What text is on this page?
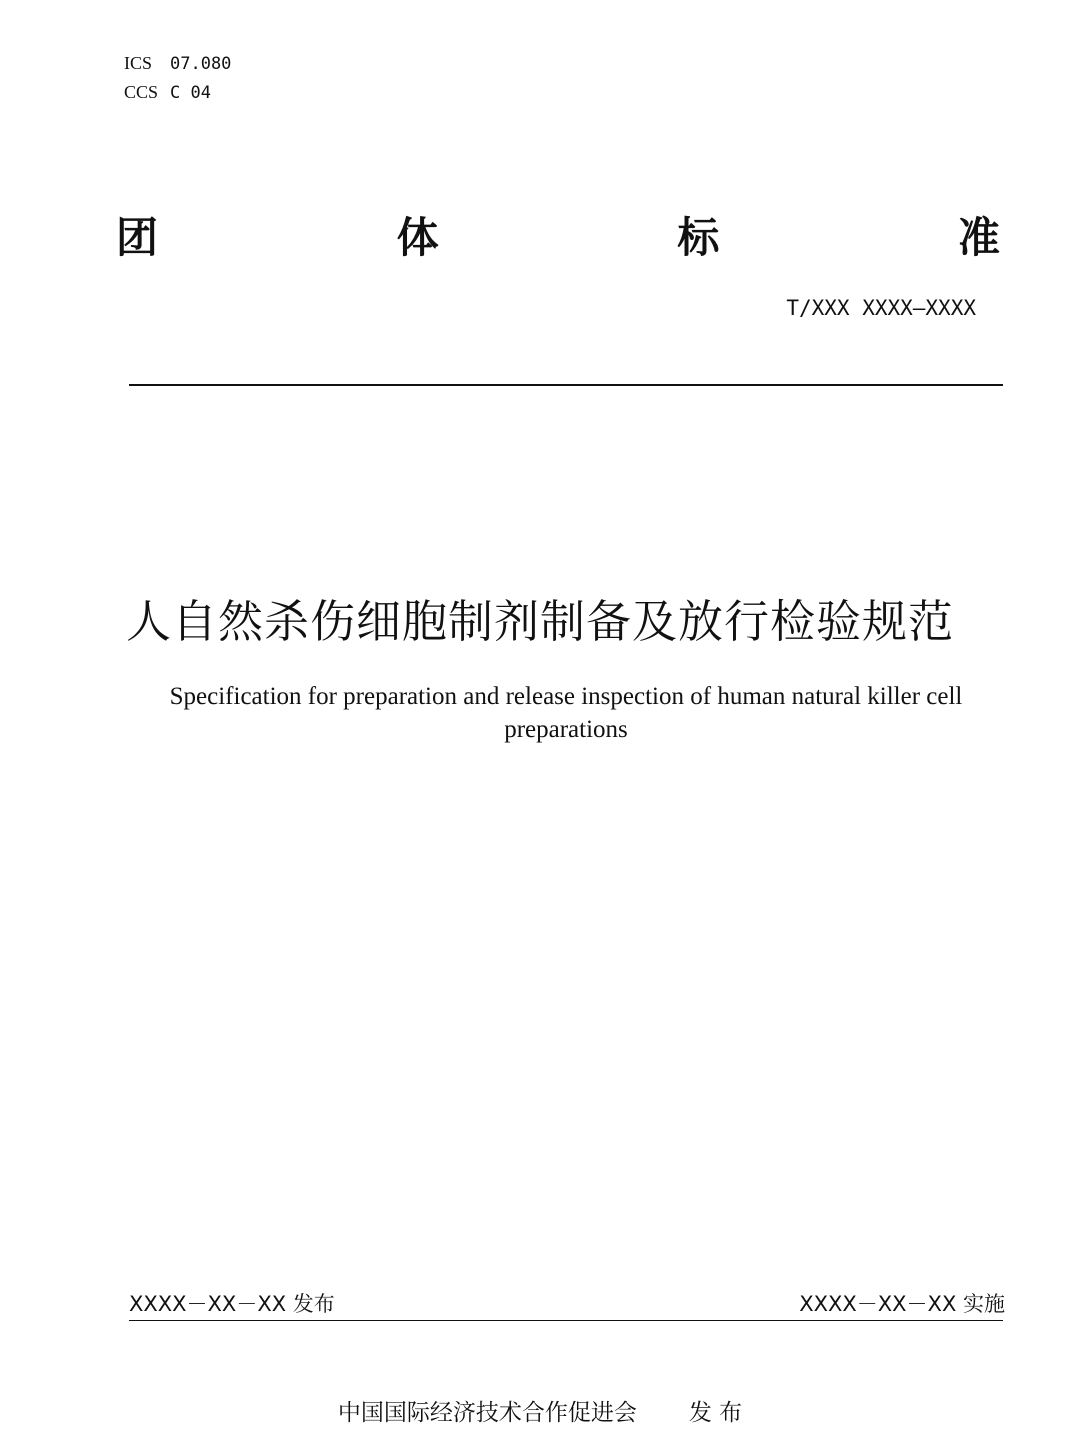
ICS 07.080
CCS C 04
团	体	标	准
T/XXX XXXX—XXXX
人自然杀伤细胞制剂制备及放行检验规范
Specification for preparation and release inspection of human natural killer cell
preparations
XXXX－XX－XX 发布	XXXX－XX－XX 实施
中国国际经济技术合作促进会 发 布
